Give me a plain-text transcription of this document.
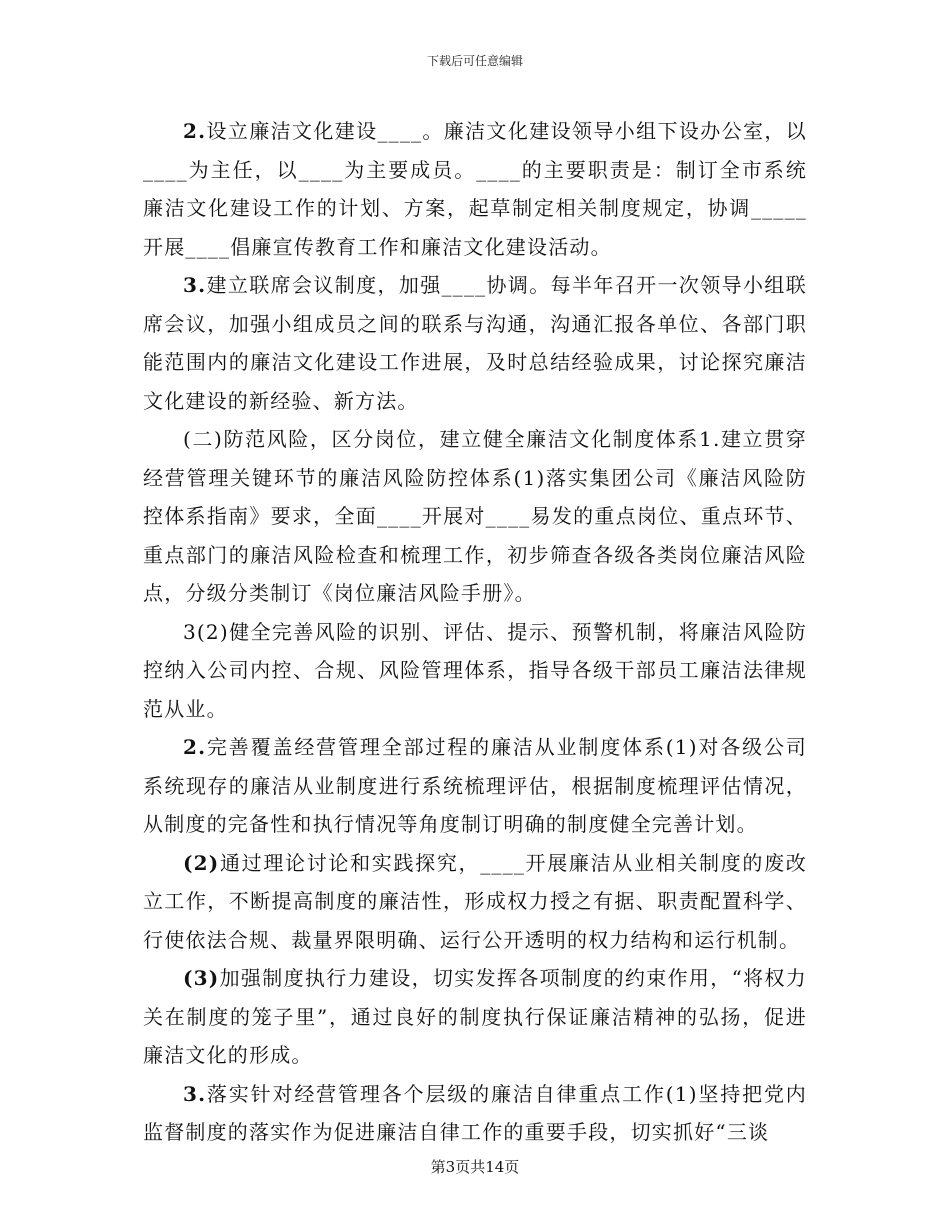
下载后可任意编辑

2.设立廉洁文化建设____。廉洁文化建设领导小组下设办公室，以____为主任，以____为主要成员。____的主要职责是：制订全市系统廉洁文化建设工作的计划、方案，起草制定相关制度规定，协调_____开展____倡廉宣传教育工作和廉洁文化建设活动。

3.建立联席会议制度，加强____协调。每半年召开一次领导小组联席会议，加强小组成员之间的联系与沟通，沟通汇报各单位、各部门职能范围内的廉洁文化建设工作进展，及时总结经验成果，讨论探究廉洁文化建设的新经验、新方法。

(二)防范风险，区分岗位，建立健全廉洁文化制度体系1.建立贯穿经营管理关键环节的廉洁风险防控体系(1)落实集团公司《廉洁风险防控体系指南》要求，全面____开展对____易发的重点岗位、重点环节、重点部门的廉洁风险检查和梳理工作，初步筛查各级各类岗位廉洁风险点，分级分类制订《岗位廉洁风险手册》。

3(2)健全完善风险的识别、评估、提示、预警机制，将廉洁风险防控纳入公司内控、合规、风险管理体系，指导各级干部员工廉洁法律规范从业。

2.完善覆盖经营管理全部过程的廉洁从业制度体系(1)对各级公司系统现存的廉洁从业制度进行系统梳理评估，根据制度梳理评估情况，从制度的完备性和执行情况等角度制订明确的制度健全完善计划。

(2)通过理论讨论和实践探究，____开展廉洁从业相关制度的废改立工作，不断提高制度的廉洁性，形成权力授之有据、职责配置科学、行使依法合规、裁量界限明确、运行公开透明的权力结构和运行机制。

(3)加强制度执行力建设，切实发挥各项制度的约束作用，“将权力关在制度的笼子里”，通过良好的制度执行保证廉洁精神的弘扬，促进廉洁文化的形成。

3.落实针对经营管理各个层级的廉洁自律重点工作(1)坚持把党内监督制度的落实作为促进廉洁自律工作的重要手段，切实抓好“三谈

第3页共14页
